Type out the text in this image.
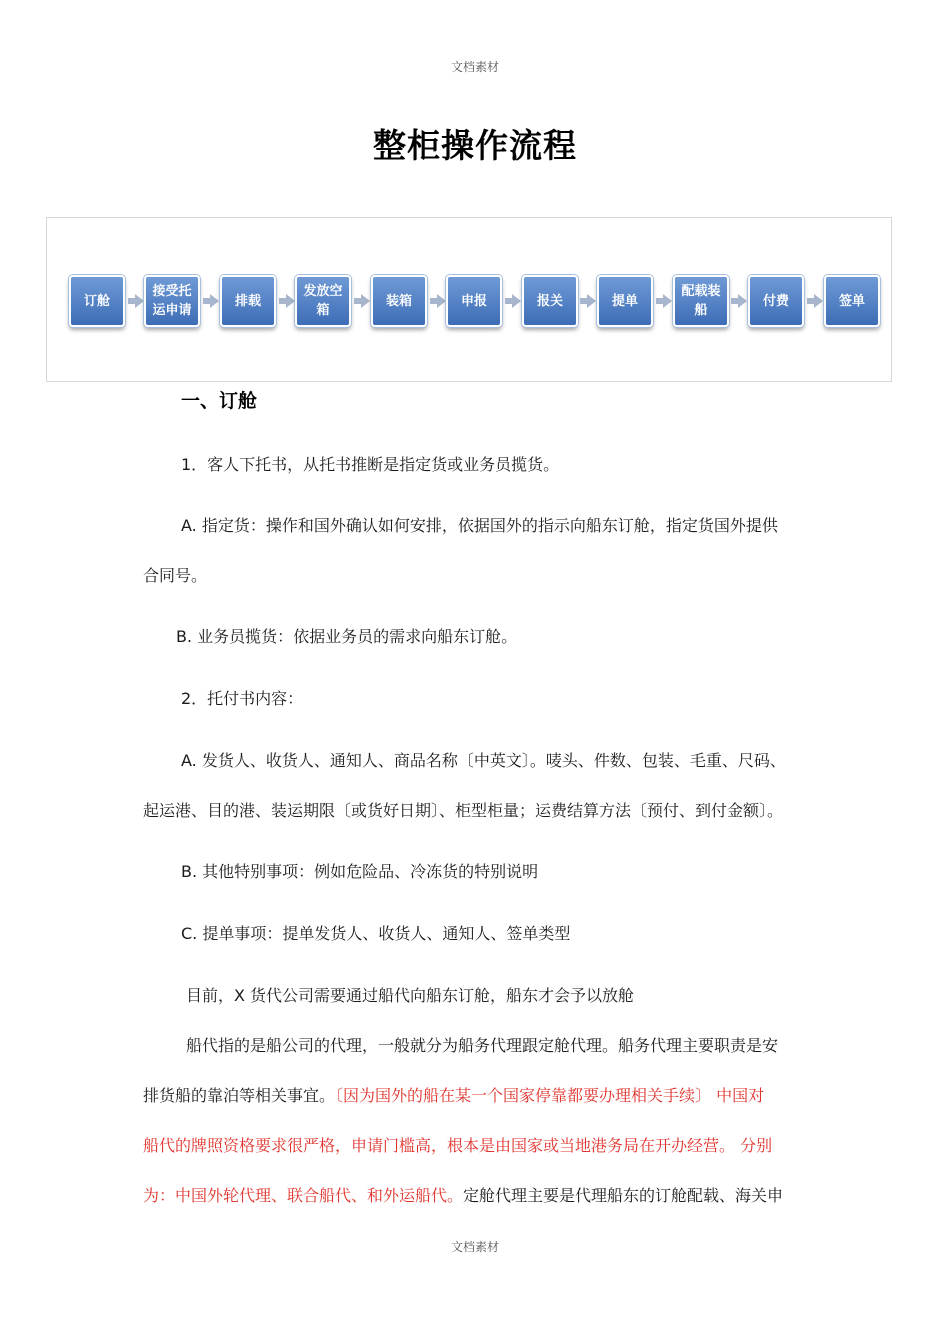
文档素材
整柜操作流程
订舱
接受托
运申请
排载
发放空
箱
装箱	申报	报关	提单
配载装
船
付费	签单
一、订舱
1．客人下托书，从托书推断是指定货或业务员揽货。
A. 指定货：操作和国外确认如何安排，依据国外的指示向船东订舱，指定货国外提供
合同号。
B. 业务员揽货：依据业务员的需求向船东订舱。
2．托付书内容：
A. 发货人、收货人、通知人、商品名称〔中英文〕。唛头、件数、包装、毛重、尺码、
起运港、目的港、装运期限〔或货好日期〕、柜型柜量；运费结算方法〔预付、到付金额〕。
B. 其他特别事项：例如危险品、冷冻货的特别说明
C. 提单事项：提单发货人、收货人、通知人、签单类型
目前，X 货代公司需要通过船代向船东订舱，船东才会予以放舱
船代指的是船公司的代理，一般就分为船务代理跟定舱代理。船务代理主要职责是安
排货船的靠泊等相关事宜。〔因为国外的船在某一个国家停靠都要办理相关手续〕 中国对
船代的牌照资格要求很严格，申请门槛高，根本是由国家或当地港务局在开办经营。 分别
为：中国外轮代理、联合船代、和外运船代。定舱代理主要是代理船东的订舱配载、海关申
文档素材
